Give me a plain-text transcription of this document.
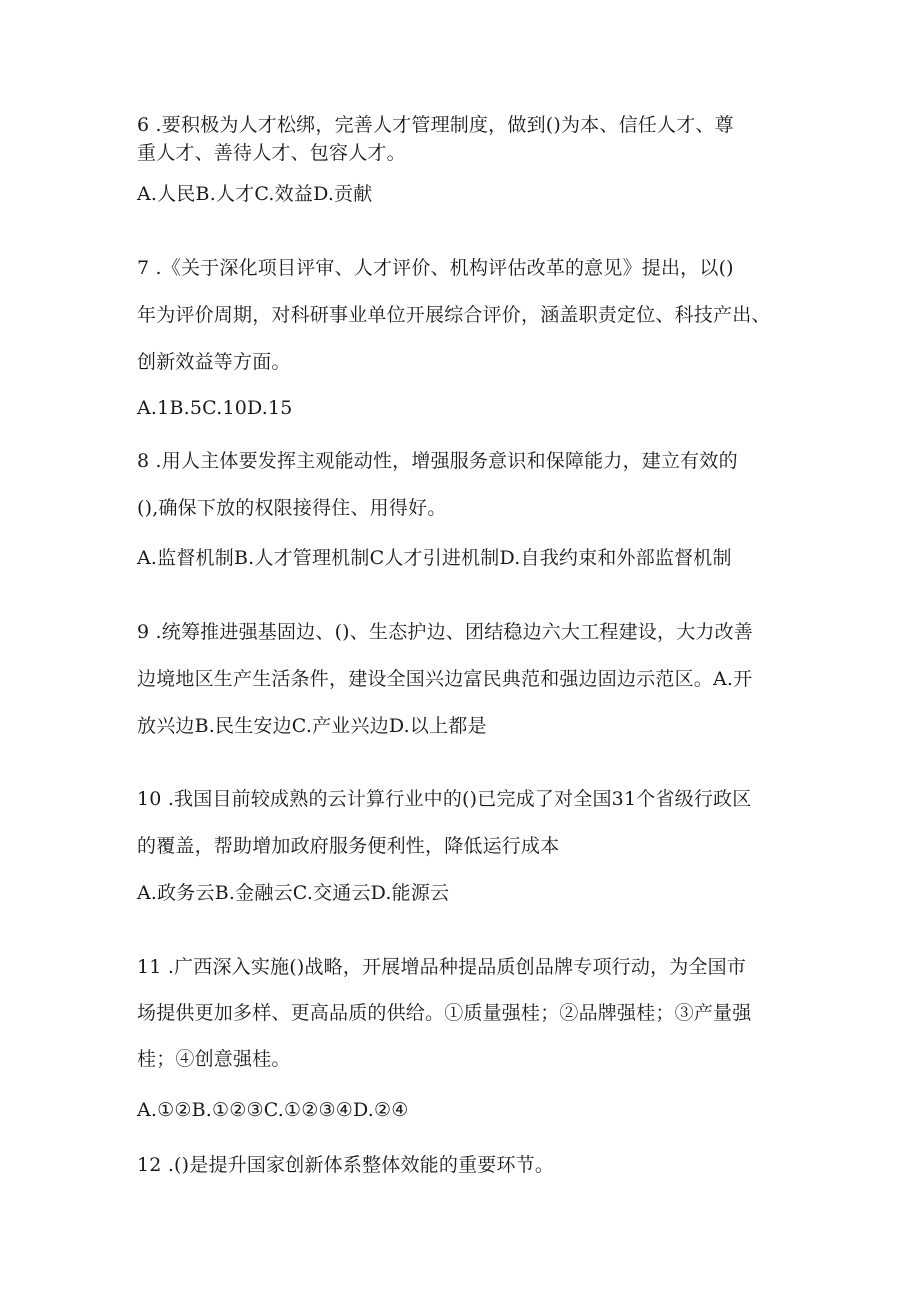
6 .要积极为人才松绑，完善人才管理制度，做到()为本、信任人才、尊
重人才、善待人才、包容人才。
A.人民B.人才C.效益D.贡献
7 .《关于深化项目评审、人才评价、机构评估改革的意见》提出，以()
年为评价周期，对科研事业单位开展综合评价，涵盖职责定位、科技产出、
创新效益等方面。
A.1B.5C.10D.15
8 .用人主体要发挥主观能动性，增强服务意识和保障能力，建立有效的
(),确保下放的权限接得住、用得好。
A.监督机制B.人才管理机制C人才引进机制D.自我约束和外部监督机制
9 .统筹推进强基固边、()、生态护边、团结稳边六大工程建设，大力改善
边境地区生产生活条件，建设全国兴边富民典范和强边固边示范区。A.开
放兴边B.民生安边C.产业兴边D.以上都是
10 .我国目前较成熟的云计算行业中的()已完成了对全国31个省级行政区
的覆盖，帮助增加政府服务便利性，降低运行成本
A.政务云B.金融云C.交通云D.能源云
11 .广西深入实施()战略，开展增品种提品质创品牌专项行动，为全国市
场提供更加多样、更高品质的供给。①质量强桂；②品牌强桂；③产量强
桂；④创意强桂。
A.①②B.①②③C.①②③④D.②④
12 .()是提升国家创新体系整体效能的重要环节。
